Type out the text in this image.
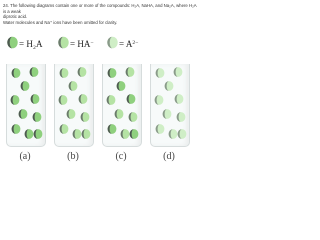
24. The following diagrams contain one or more of the compounds: H₂A, NaHA, and Na₂A, where H₂A is a weak

diprotic acid.

Water molecules and Na⁺ ions have been omitted for clarity.

= H₂A	= HA−	= $A^{2-}$
(a)	(b)	(c)	(d)
